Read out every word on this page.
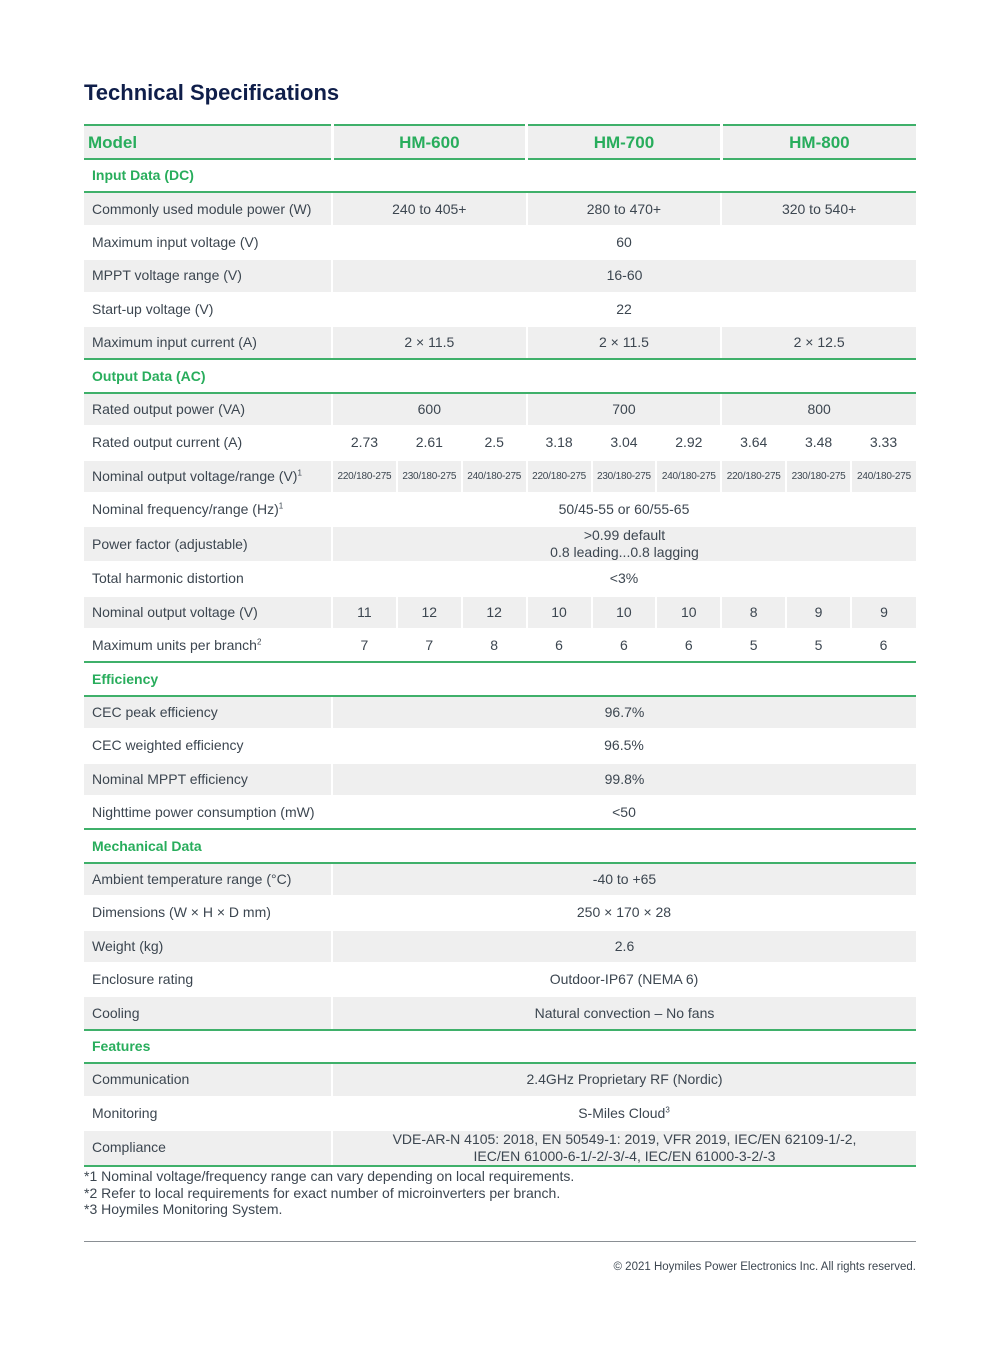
Technical Specifications
Model	HM-600			HM-700			HM-800		
Input Data (DC)									
Commonly used module power (W)	240 to 405+			280 to 470+			320 to 540+		
Maximum input voltage (V)	60								
MPPT voltage range (V)	16-60								
Start-up voltage (V)	22								
Maximum input current (A)	2 × 11.5			2 × 11.5			2 × 12.5		
Output Data (AC)									
Rated output power (VA)	600			700			800		
Rated output current (A)	2.73	2.61	2.5	3.18	3.04	2.92	3.64	3.48	3.33
Nominal output voltage/range $(V)^1$	220/180-275	230/180-275	240/180-275	220/180-275	230/180-275	240/180-275	220/180-275	230/180-275	240/180-275
Nominal frequency/range $(Hz)^1$	50/45-55 or 60/55-65								
Power factor (adjustable)	>0.99 default
0.8 leading...0.8 lagging								

Total harmonic distortion	<3%								
Nominal output voltage (V)	11	12	12	10	10	10	8	9	9
Maximum units per branch$^2$	7	7	8	6	6	6	5	5	6
Efficiency									
CEC peak efficiency	96.7%								
CEC weighted efficiency	96.5%								
Nominal MPPT efficiency	99.8%								
Nighttime power consumption (mW)	<50								
Mechanical Data									
Ambient temperature range (°C)	-40 to +65								
Dimensions (W × H × D mm)	250 × 170 × 28								
Weight (kg)	2.6								
Enclosure rating	Outdoor-IP67 (NEMA 6)								
Cooling	Natural convection – No fans								
Features									
Communication	2.4GHz Proprietary RF (Nordic)								
Monitoring	S-Miles Cloud$^3$
Compliance	VDE-AR-N 4105: 2018, EN 50549-1: 2019, VFR 2019, IEC/EN 62109-1/-2,
IEC/EN 61000-6-1/-2/-3/-4, IEC/EN 61000-3-2/-3								
*1 Nominal voltage/frequency range can vary depending on local requirements.
*2 Refer to local requirements for exact number of microinverters per branch.
*3 Hoymiles Monitoring System.
© 2021 Hoymiles Power Electronics Inc. All rights reserved.
